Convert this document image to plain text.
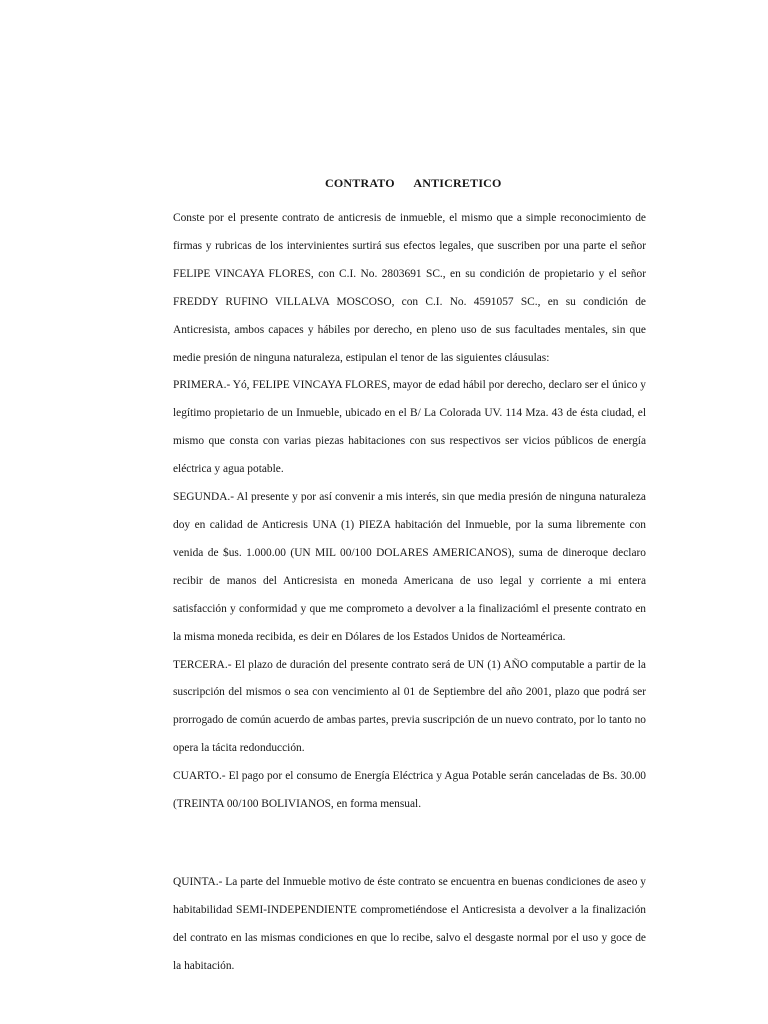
CONTRATO      ANTICRETICO

Conste por el presente contrato de anticresis de inmueble, el mismo que a simple reconocimiento de firmas y rubricas de los intervinientes surtirá sus efectos legales, que suscriben por una parte el señor FELIPE VINCAYA FLORES, con C.I. No. 2803691 SC., en su condición de propietario y el señor FREDDY RUFINO VILLALVA MOSCOSO, con C.I. No. 4591057 SC., en su condición de Anticresista, ambos capaces y hábiles por derecho, en pleno uso de sus facultades mentales, sin que medie presión de ninguna naturaleza, estipulan el tenor de las siguientes cláusulas:

PRIMERA.- Yó, FELIPE VINCAYA FLORES, mayor de edad hábil por derecho, declaro ser el único y legítimo propietario de un Inmueble, ubicado en el B/ La Colorada UV. 114 Mza. 43 de ésta ciudad, el mismo que consta con varias piezas habitaciones con sus respectivos ser vicios públicos de energía eléctrica y agua potable.

SEGUNDA.- Al presente y por así convenir a mis interés, sin que media presión de ninguna naturaleza doy en calidad de Anticresis UNA (1) PIEZA habitación del Inmueble, por la suma libremente con venida de $us. 1.000.00 (UN MIL 00/100 DOLARES AMERICANOS), suma de dineroque declaro recibir de manos del Anticresista en moneda Americana de uso legal y corriente a mi entera satisfacción y conformidad y que me comprometo a devolver a la finalizacióml el presente contrato en la misma moneda recibida, es deir en Dólares de los Estados Unidos de Norteamérica.

TERCERA.- El plazo de duración del presente contrato será de UN (1) AÑO computable a partir de la suscripción del mismos o sea con vencimiento al 01 de Septiembre del año 2001, plazo que podrá ser prorrogado de común acuerdo de ambas partes, previa suscripción de un nuevo contrato, por lo tanto no opera la tácita redonducción.

CUARTO.- El pago por el consumo de Energía Eléctrica y Agua Potable serán canceladas de Bs. 30.00 (TREINTA 00/100 BOLIVIANOS, en forma mensual.

QUINTA.- La parte del Inmueble motivo de éste contrato se encuentra en buenas condiciones de aseo y habitabilidad SEMI-INDEPENDIENTE comprometiéndose el Anticresista a devolver a la finalización del contrato en las mismas condiciones en que lo recibe, salvo el desgaste normal por el uso y goce de la habitación.
